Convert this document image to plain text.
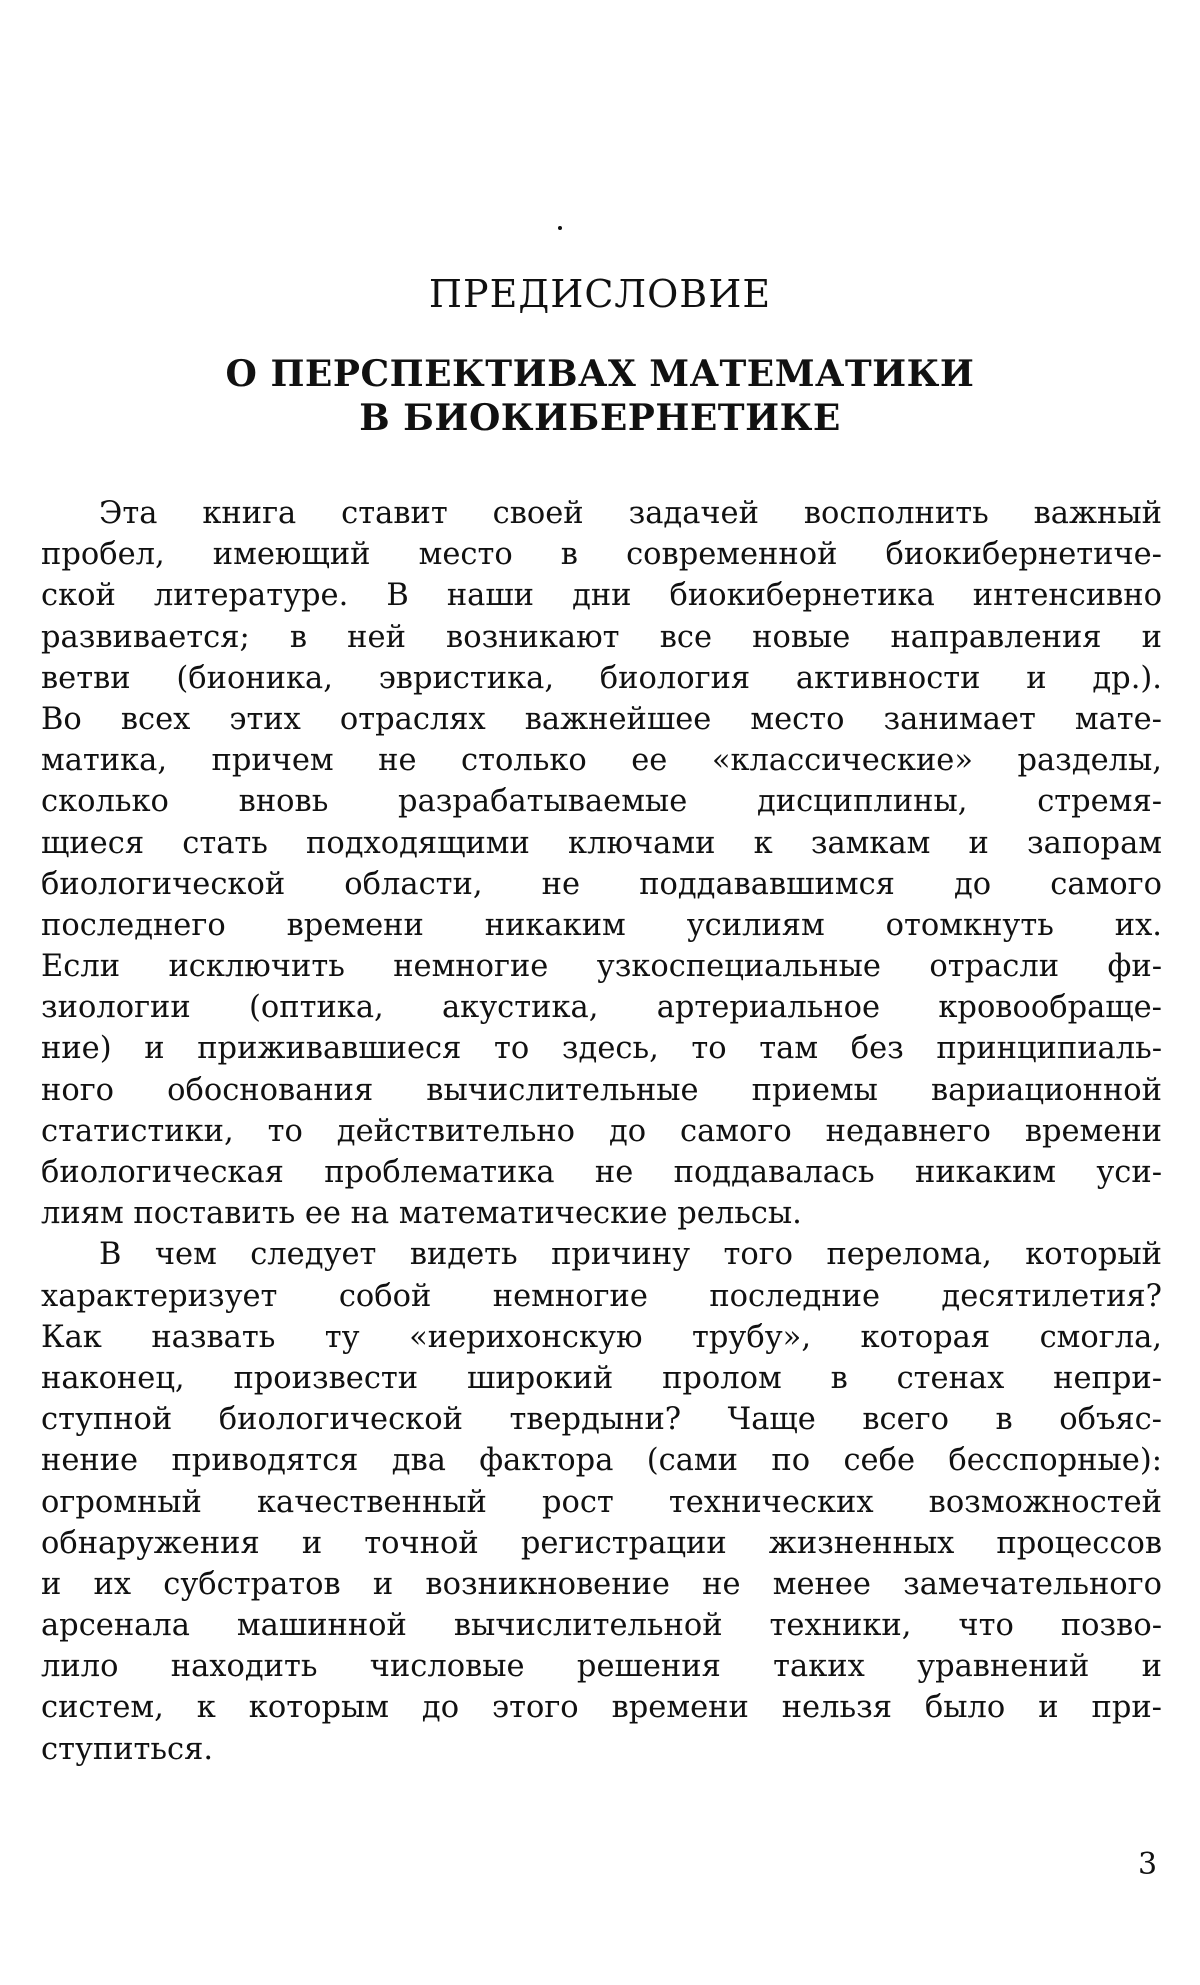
ПРЕДИСЛОВИЕ
О ПЕРСПЕКТИВАХ МАТЕМАТИКИ
В БИОКИБЕРНЕТИКЕ

Эта книга ставит своей задачей восполнить важный
пробел, имеющий место в современной биокибернетиче-
ской литературе. В наши дни биокибернетика интенсивно
развивается; в ней возникают все новые направления и
ветви (бионика, эвристика, биология активности и др.).
Во всех этих отраслях важнейшее место занимает мате-
матика, причем не столько ее «классические» разделы,
сколько вновь разрабатываемые дисциплины, стремя-
щиеся стать подходящими ключами к замкам и запорам
биологической области, не поддававшимся до самого
последнего времени никаким усилиям отомкнуть их.
Если исключить немногие узкоспециальные отрасли фи-
зиологии (оптика, акустика, артериальное кровообраще-
ние) и приживавшиеся то здесь, то там без принципиаль-
ного обоснования вычислительные приемы вариационной
статистики, то действительно до самого недавнего времени
биологическая проблематика не поддавалась никаким уси-
лиям поставить ее на математические рельсы.

В чем следует видеть причину того перелома, который
характеризует собой немногие последние десятилетия?
Как назвать ту «иерихонскую трубу», которая смогла,
наконец, произвести широкий пролом в стенах непри-
ступной биологической твердыни? Чаще всего в объяс-
нение приводятся два фактора (сами по себе бесспорные):
огромный качественный рост технических возможностей
обнаружения и точной регистрации жизненных процессов
и их субстратов и возникновение не менее замечательного
арсенала машинной вычислительной техники, что позво-
лило находить числовые решения таких уравнений и
систем, к которым до этого времени нельзя было и при-
ступиться.

3
